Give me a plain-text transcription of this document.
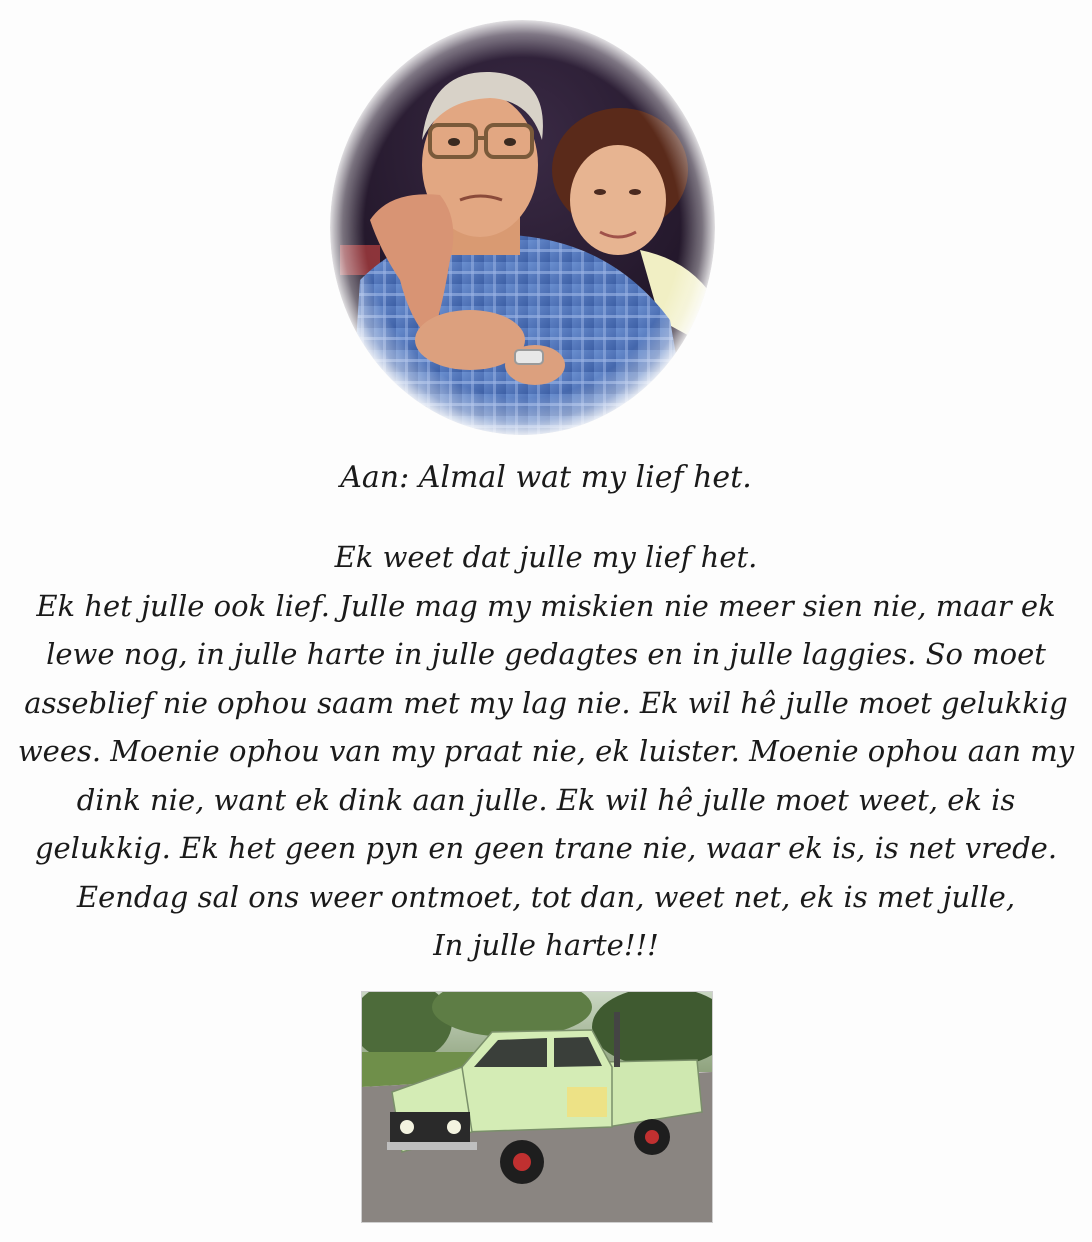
Aan: Almal wat my lief het.
Ek weet dat julle my lief het.
Ek het julle ook lief. Julle mag my miskien nie meer sien nie, maar ek
lewe nog, in julle harte in julle gedagtes en in julle laggies. So moet
asseblief nie ophou saam met my lag nie. Ek wil hê julle moet gelukkig
wees. Moenie ophou van my praat nie, ek luister. Moenie ophou aan my
dink nie, want ek dink aan julle. Ek wil hê julle moet weet, ek is
gelukkig. Ek het geen pyn en geen trane nie, waar ek is, is net vrede.
Eendag sal ons weer ontmoet, tot dan, weet net, ek is met julle,
In julle harte!!!
